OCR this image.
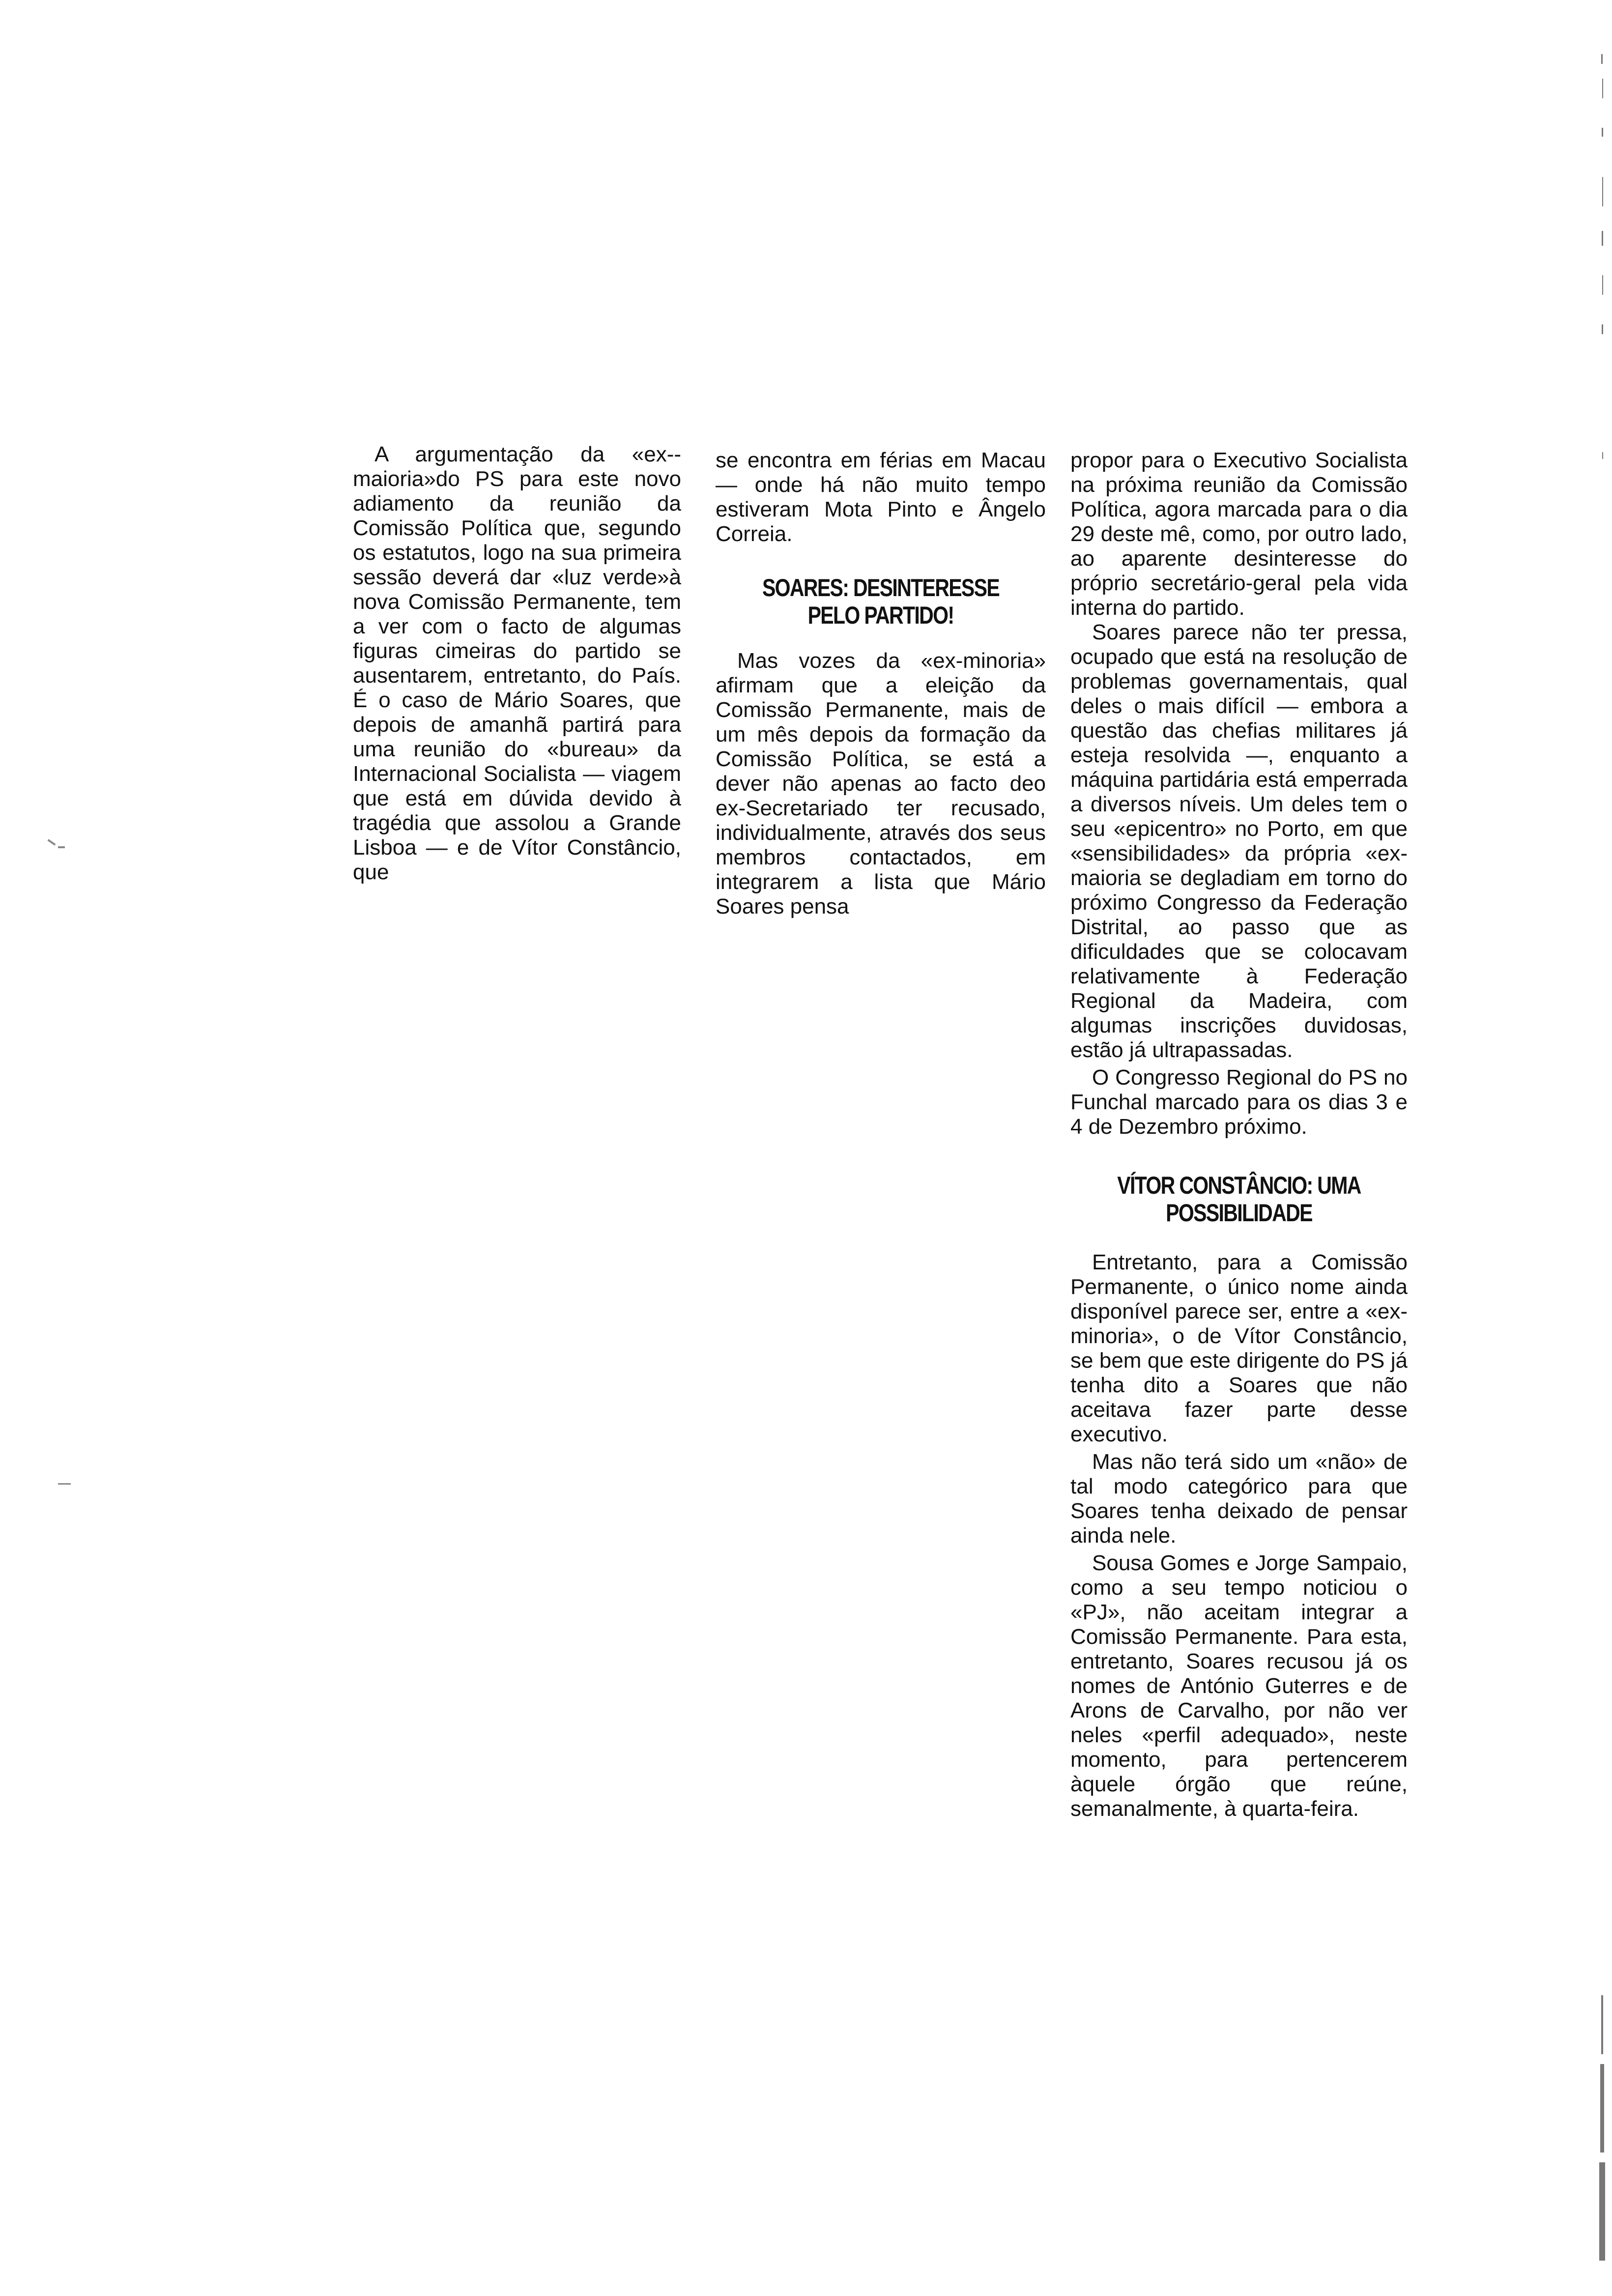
A argumentação da «ex--maioria»do PS para este novo adiamento da reunião da Comissão Política que, segundo os estatutos, logo na sua primeira sessão deverá dar «luz verde»à nova Comissão Permanente, tem a ver com o facto de algumas figuras cimeiras do partido se ausentarem, entretanto, do País. É o caso de Mário Soares, que depois de amanhã partirá para uma reunião do «bureau» da Internacional Socialista — viagem que está em dúvida devido à tragédia que assolou a Grande Lisboa — e de Vítor Constâncio, que

se encontra em férias em Macau — onde há não muito tempo estiveram Mota Pinto e Ângelo Correia.

SOARES: DESINTERESSE PELO PARTIDO!

Mas vozes da «ex-minoria» afirmam que a eleição da Comissão Permanente, mais de um mês depois da formação da Comissão Política, se está a dever não apenas ao facto deo ex-Secretariado ter recusado, individualmente, através dos seus membros contactados, em integrarem a lista que Mário Soares pensa

propor para o Executivo Socialista na próxima reunião da Comissão Política, agora marcada para o dia 29 deste mê, como, por outro lado, ao aparente desinteresse do próprio secretário-geral pela vida interna do partido.

Soares parece não ter pressa, ocupado que está na resolução de problemas governamentais, qual deles o mais difícil — embora a questão das chefias militares já esteja resolvida —, enquanto a máquina partidária está emperrada a diversos níveis. Um deles tem o seu «epicentro» no Porto, em que «sensibilidades» da própria «ex-maioria se degladiam em torno do próximo Congresso da Federação Distrital, ao passo que as dificuldades que se colocavam relativamente à Federação Regional da Madeira, com algumas inscrições duvidosas, estão já ultrapassadas.

O Congresso Regional do PS no Funchal marcado para os dias 3 e 4 de Dezembro próximo.

VÍTOR CONSTÂNCIO: UMA POSSIBILIDADE

Entretanto, para a Comissão Permanente, o único nome ainda disponível parece ser, entre a «ex-minoria», o de Vítor Constâncio, se bem que este dirigente do PS já tenha dito a Soares que não aceitava fazer parte desse executivo.

Mas não terá sido um «não» de tal modo categórico para que Soares tenha deixado de pensar ainda nele.

Sousa Gomes e Jorge Sampaio, como a seu tempo noticiou o «PJ», não aceitam integrar a Comissão Permanente. Para esta, entretanto, Soares recusou já os nomes de António Guterres e de Arons de Carvalho, por não ver neles «perfil adequado», neste momento, para pertencerem àquele órgão que reúne, semanalmente, à quarta-feira.
